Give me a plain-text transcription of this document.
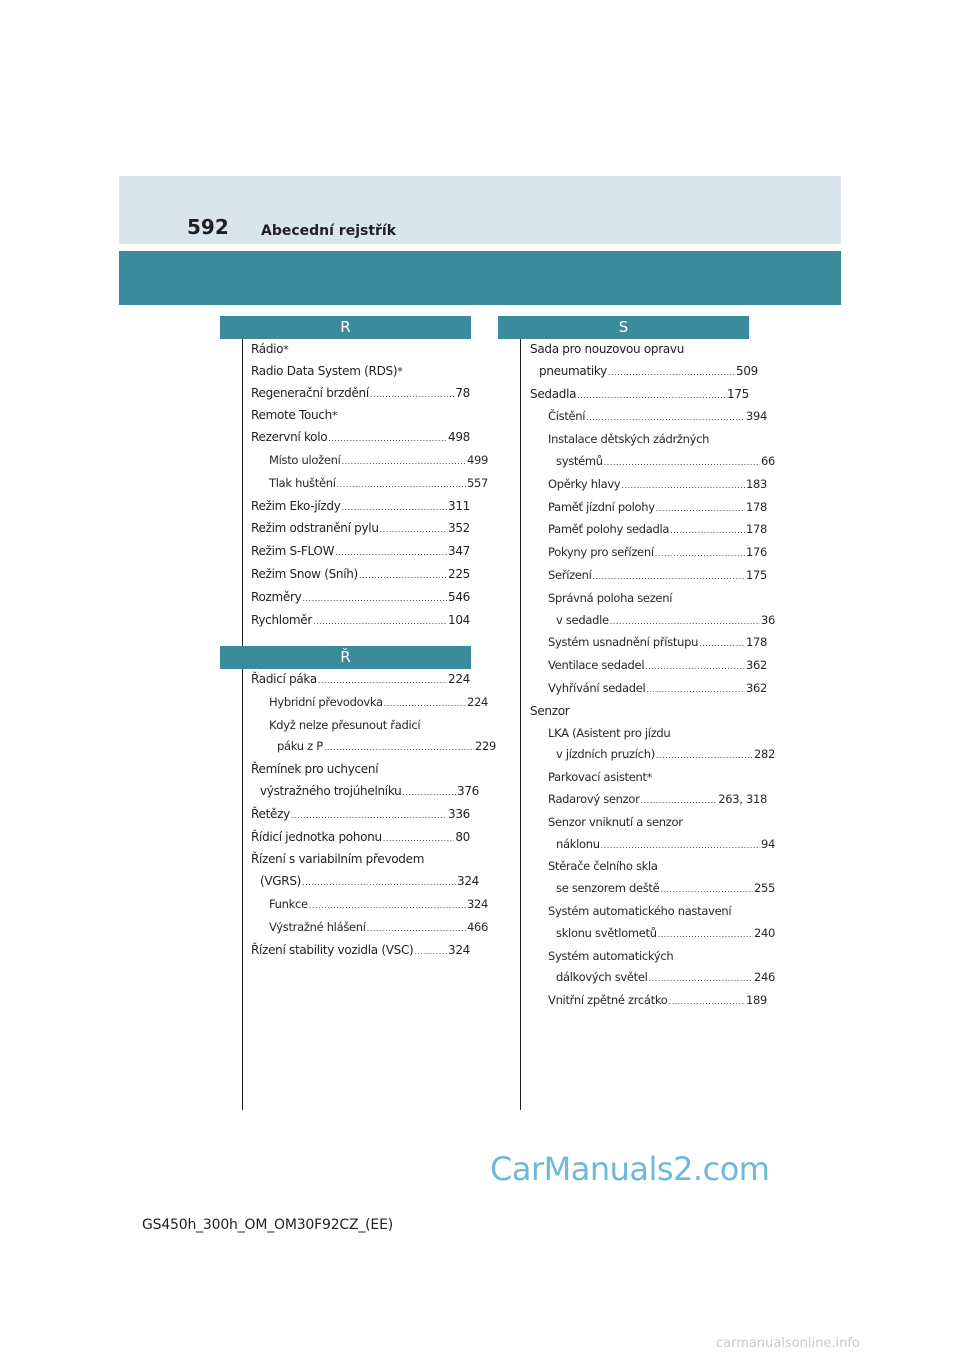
592 Abecední rejstřík
R
Ř
S
Rádio *
Radio Data System (RDS) *
Regenerační brzdění .....	78
Remote Touch *
Rezervní kolo .....	498
Místo uložení .....	499
Tlak huštění .....	557
Režim Eko-jízdy .....	311
Režim odstranění pylu .....	352
Režim S-FLOW .....	347
Režim Snow (Sníh) .....	225
Rozměry .....	546
Rychloměr .....	104
Řadicí páka .....	224
Hybridní převodovka .....	224
Když nelze přesunout řadicí
páku z P .....	229
Řemínek pro uchycení
výstražného trojúhelníku .....	376
Řetězy .....	336
Řídicí jednotka pohonu .....	80
Řízení s variabilním převodem
(VGRS) .....	324
Funkce .....	324
Výstražné hlášení .....	466
Řízení stability vozidla (VSC) .....	324
Sada pro nouzovou opravu
pneumatiky .....	509
Sedadla .....	175
Čistění .....	394
Instalace dětských zádržných
systémů .....	66
Opěrky hlavy .....	183
Paměť jízdní polohy .....	178
Paměť polohy sedadla .....	178
Pokyny pro seřízení .....	176
Seřízení .....	175
Správná poloha sezení
v sedadle .....	36
Systém usnadnění přístupu .....	178
Ventilace sedadel .....	362
Vyhřívání sedadel .....	362
Senzor
LKA (Asistent pro jízdu
v jízdních pruzích) .....	282
Parkovací asistent *
Radarový senzor .....	263, 318
Senzor vniknutí a senzor
náklonu .....	94
Stěrače čelního skla
se senzorem deště .....	255
Systém automatického nastavení
sklonu světlometů .....	240
Systém automatických
dálkových světel .....	246
Vnitřní zpětné zrcátko .....	189
GS450h_300h_OM_OM30F92CZ_(EE)
CarManuals2.com
carmanualsonline.info
